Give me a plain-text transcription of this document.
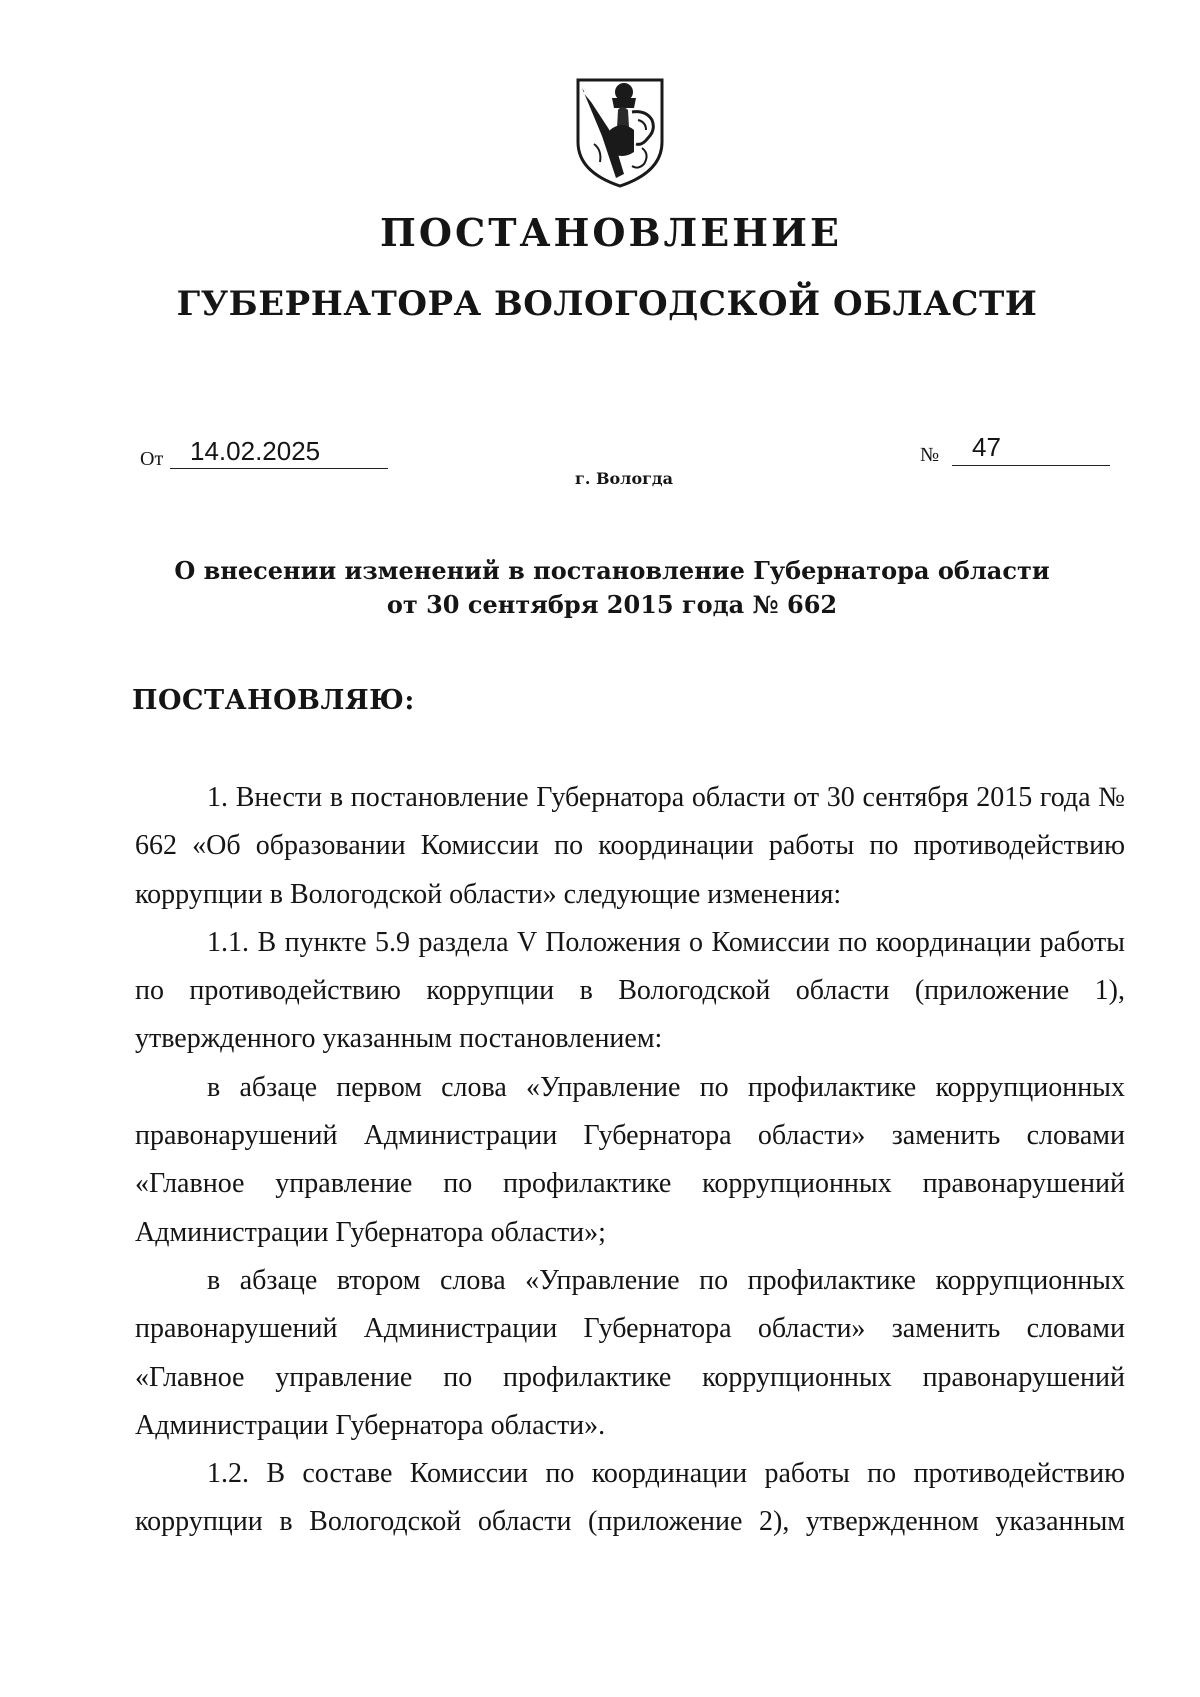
ПОСТАНОВЛЕНИЕ
ГУБЕРНАТОРА ВОЛОГОДСКОЙ ОБЛАСТИ
От 14.02.2025	№ 47
г. Вологда

О внесении изменений в постановление Губернатора области

от 30 сентября 2015 года № 662

ПОСТАНОВЛЯЮ:

1. Внести в постановление Губернатора области от 30 сентября 2015 года № 662 «Об образовании Комиссии по координации работы по противодействию коррупции в Вологодской области» следующие изменения:

1.1. В пункте 5.9 раздела V Положения о Комиссии по координации работы по противодействию коррупции в Вологодской области (приложение 1), утвержденного указанным постановлением:

в абзаце первом слова «Управление по профилактике коррупционных правонарушений Администрации Губернатора области» заменить словами «Главное управление по профилактике коррупционных правонарушений Администрации Губернатора области»;

в абзаце втором слова «Управление по профилактике коррупционных правонарушений Администрации Губернатора области» заменить словами «Главное управление по профилактике коррупционных правонарушений Администрации Губернатора области».

1.2. В составе Комиссии по координации работы по противодействию коррупции в Вологодской области (приложение 2), утвержденном указанным
